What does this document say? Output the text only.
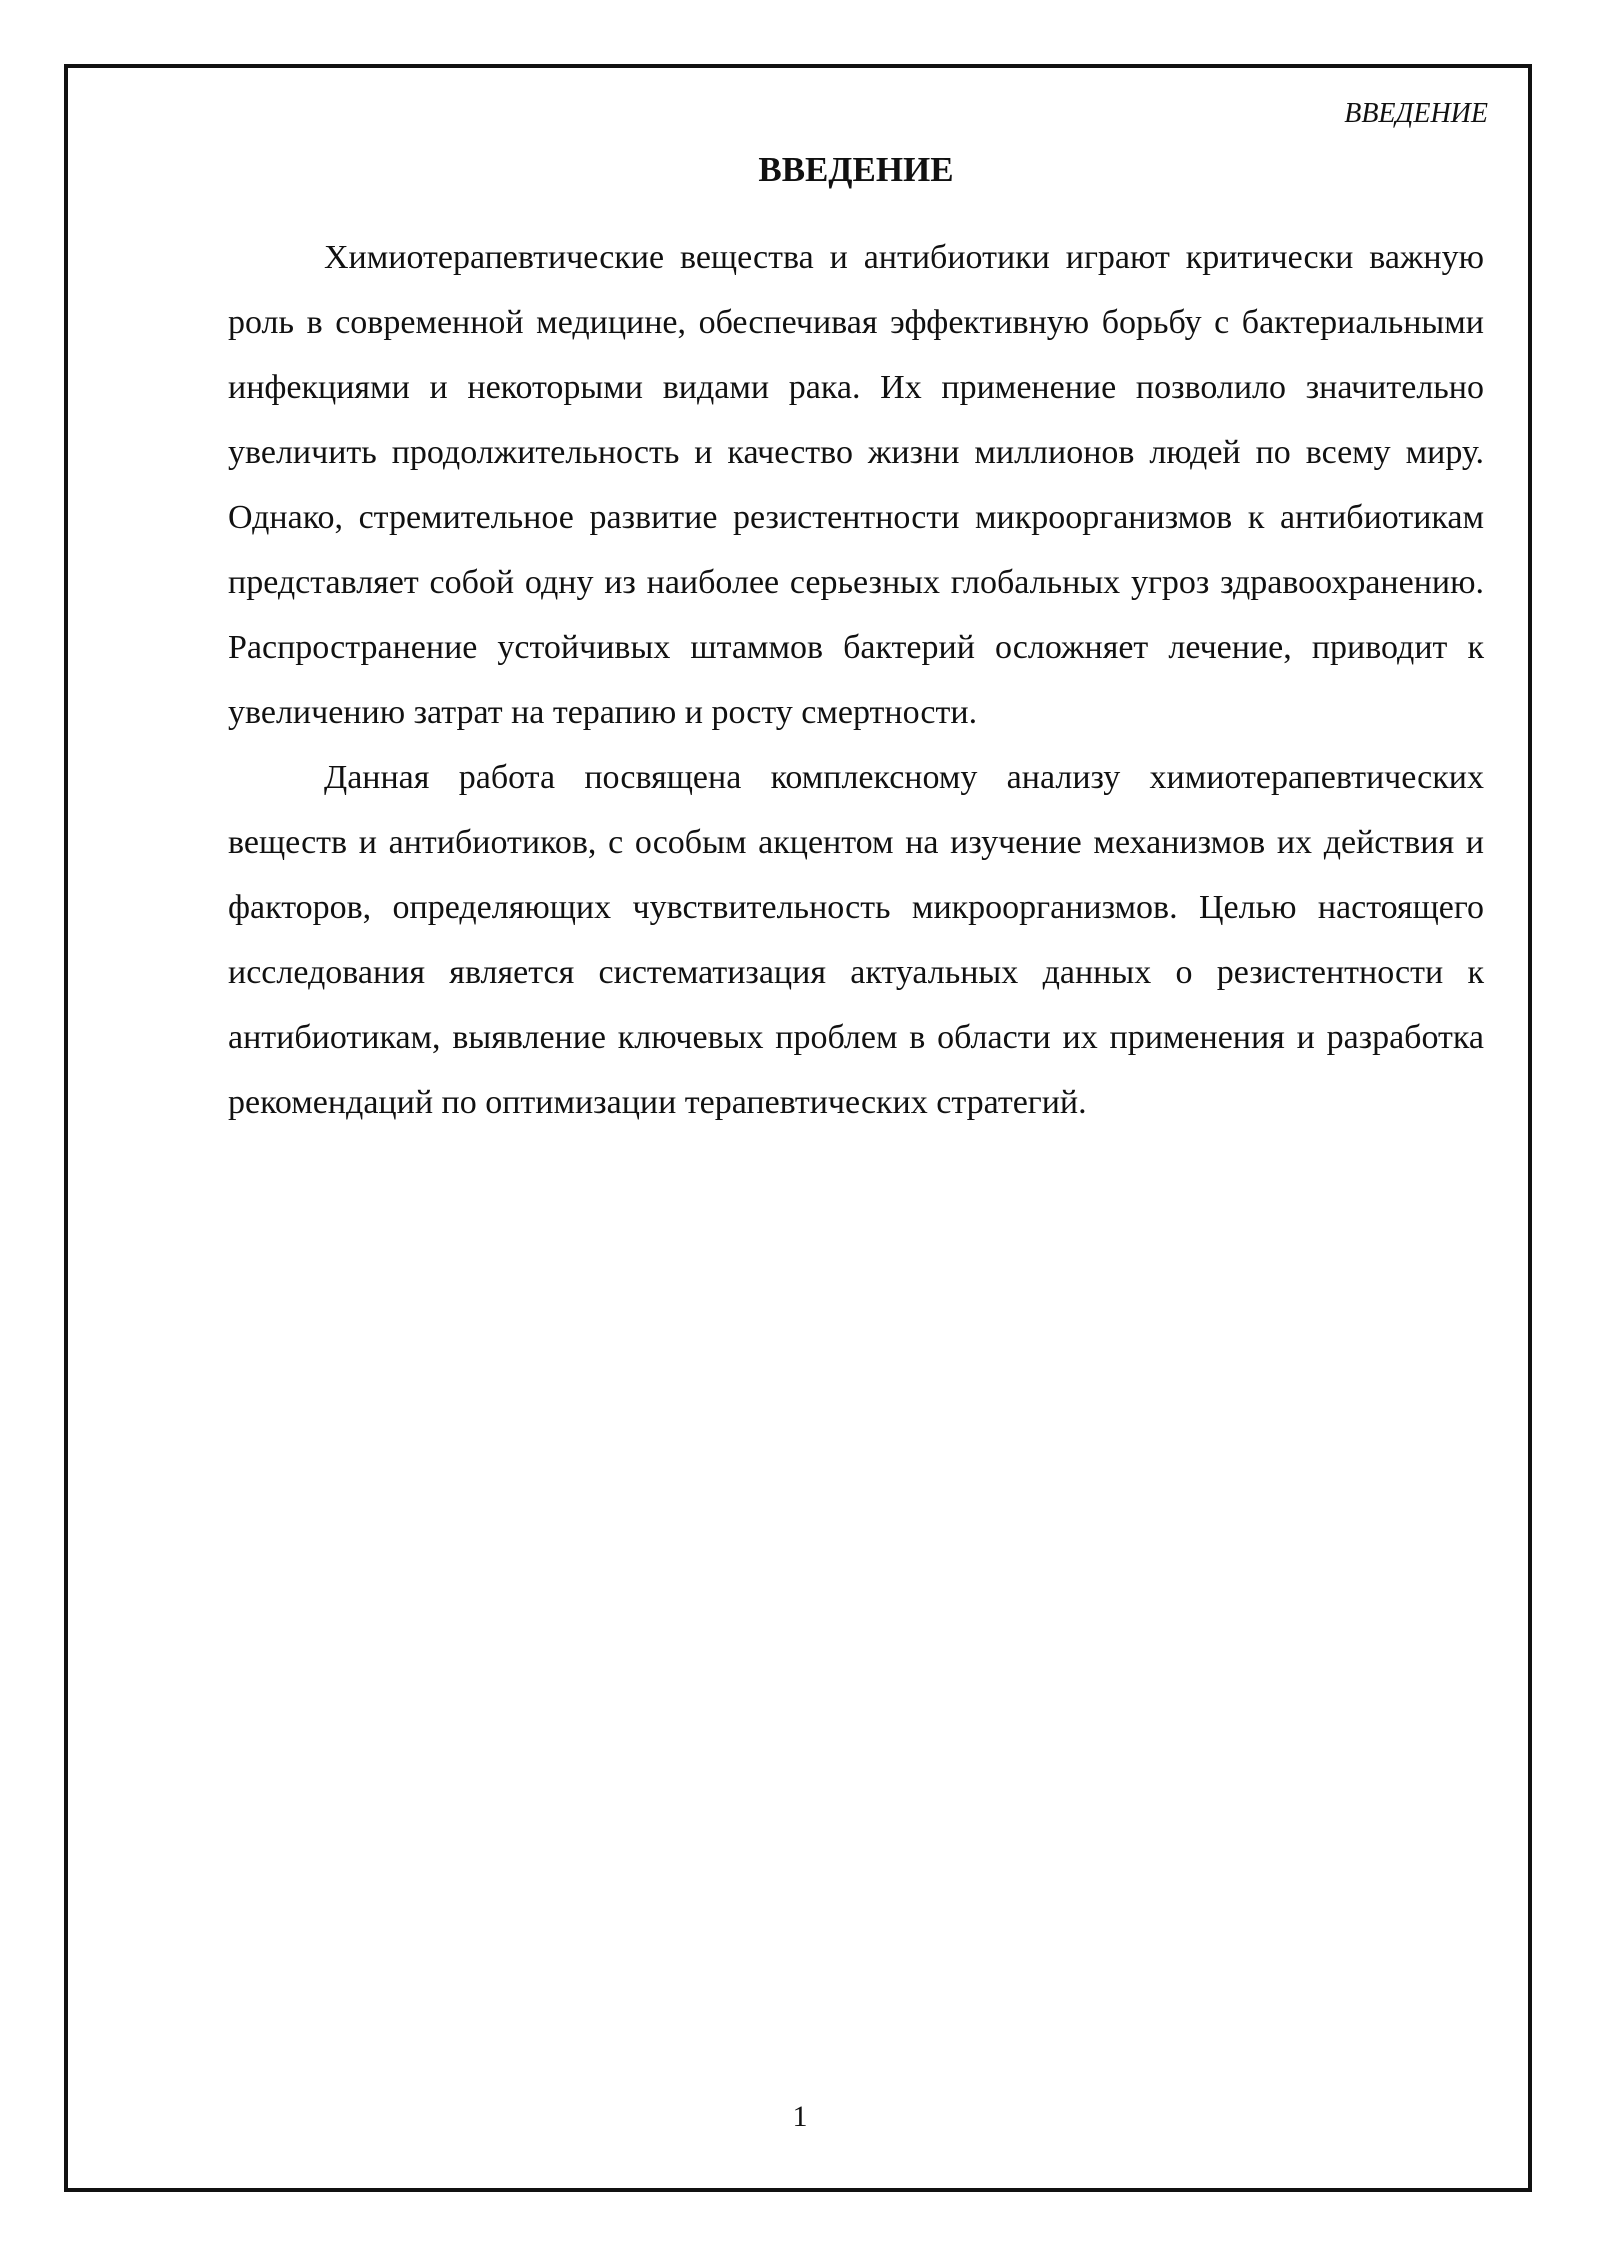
ВВЕДЕНИЕ
ВВЕДЕНИЕ

Химиотерапевтические вещества и антибиотики играют критически важную роль в современной медицине, обеспечивая эффективную борьбу с бактериальными инфекциями и некоторыми видами рака. Их применение позволило значительно увеличить продолжительность и качество жизни миллионов людей по всему миру. Однако, стремительное развитие резистентности микроорганизмов к антибиотикам представляет собой одну из наиболее серьезных глобальных угроз здравоохранению. Распространение устойчивых штаммов бактерий осложняет лечение, приводит к увеличению затрат на терапию и росту смертности.

Данная работа посвящена комплексному анализу химиотерапевтических веществ и антибиотиков, с особым акцентом на изучение механизмов их действия и факторов, определяющих чувствительность микроорганизмов. Целью настоящего исследования является систематизация актуальных данных о резистентности к антибиотикам, выявление ключевых проблем в области их применения и разработка рекомендаций по оптимизации терапевтических стратегий.

1
